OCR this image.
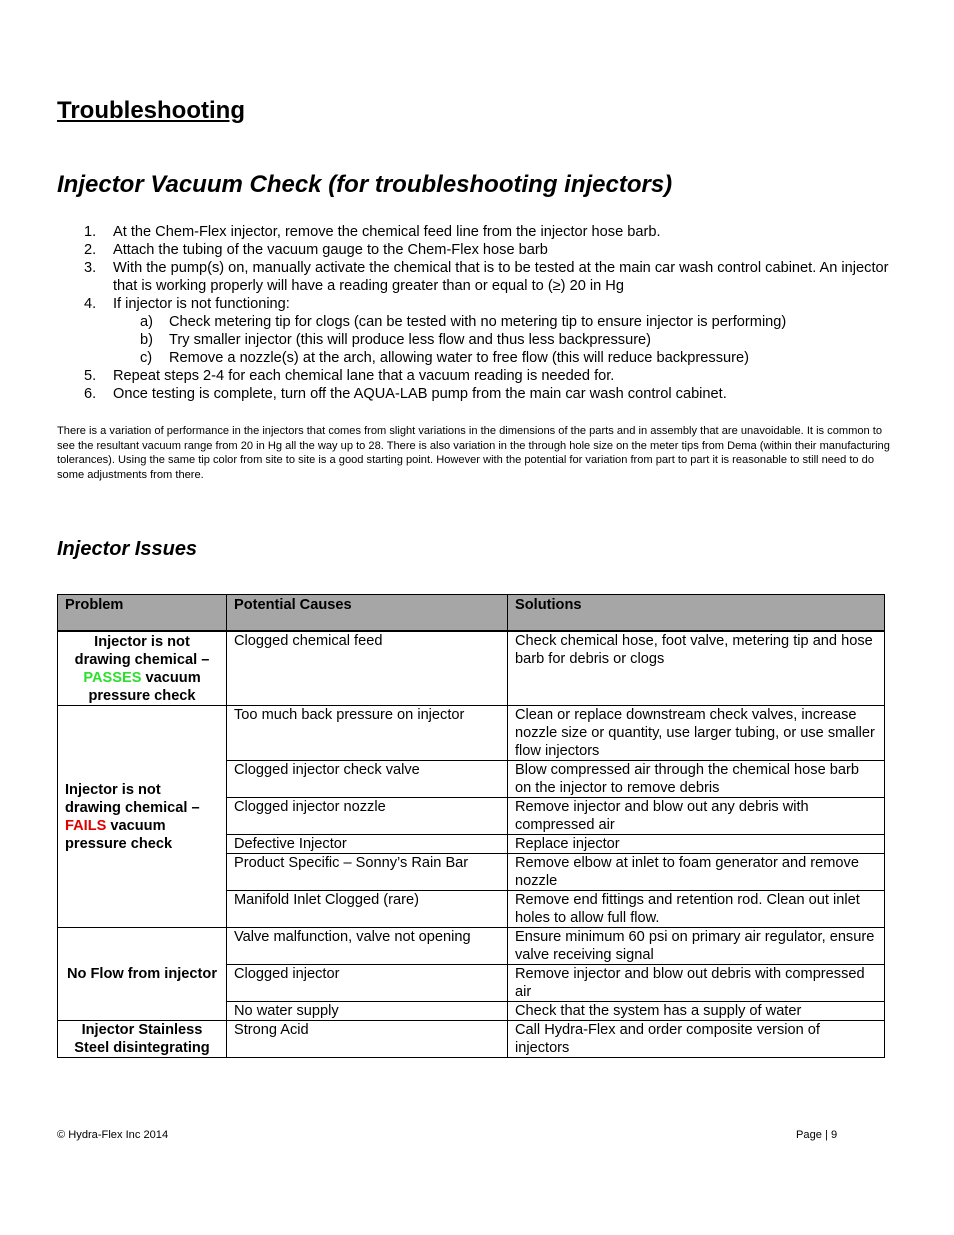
Troubleshooting
Injector Vacuum Check (for troubleshooting injectors)
1. At the Chem-Flex injector, remove the chemical feed line from the injector hose barb.
2. Attach the tubing of the vacuum gauge to the Chem-Flex hose barb
3. With the pump(s) on, manually activate the chemical that is to be tested at the main car wash control cabinet. An injector that is working properly will have a reading greater than or equal to (≥) 20 in Hg
4. If injector is not functioning:
a) Check metering tip for clogs (can be tested with no metering tip to ensure injector is performing)
b) Try smaller injector (this will produce less flow and thus less backpressure)
c) Remove a nozzle(s) at the arch, allowing water to free flow (this will reduce backpressure)
5. Repeat steps 2-4 for each chemical lane that a vacuum reading is needed for.
6. Once testing is complete, turn off the AQUA-LAB pump from the main car wash control cabinet.

There is a variation of performance in the injectors that comes from slight variations in the dimensions of the parts and in assembly that are unavoidable. It is common to see the resultant vacuum range from 20 in Hg all the way up to 28. There is also variation in the through hole size on the meter tips from Dema (within their manufacturing tolerances). Using the same tip color from site to site is a good starting point. However with the potential for variation from part to part it is reasonable to still need to do some adjustments from there.

Injector Issues
Problem	Potential Causes	Solutions

Injector is not drawing chemical – PASSES vacuum pressure check	Clogged chemical feed	Check chemical hose, foot valve, metering tip and hose barb for debris or clogs
Injector is not drawing chemical – FAILS vacuum pressure check	Too much back pressure on injector	Clean or replace downstream check valves, increase nozzle size or quantity, use larger tubing, or use smaller flow injectors
	Clogged injector check valve	Blow compressed air through the chemical hose barb on the injector to remove debris
	Clogged injector nozzle	Remove injector and blow out any debris with compressed air
	Defective Injector	Replace injector
	Product Specific – Sonny’s Rain Bar	Remove elbow at inlet to foam generator and remove nozzle
	Manifold Inlet Clogged (rare)	Remove end fittings and retention rod. Clean out inlet holes to allow full flow.
No Flow from injector	Valve malfunction, valve not opening	Ensure minimum 60 psi on primary air regulator, ensure valve receiving signal
	Clogged injector	Remove injector and blow out debris with compressed air
	No water supply	Check that the system has a supply of water
Injector Stainless Steel disintegrating	Strong Acid	Call Hydra-Flex and order composite version of injectors
© Hydra-Flex Inc 2014	Page | 9
